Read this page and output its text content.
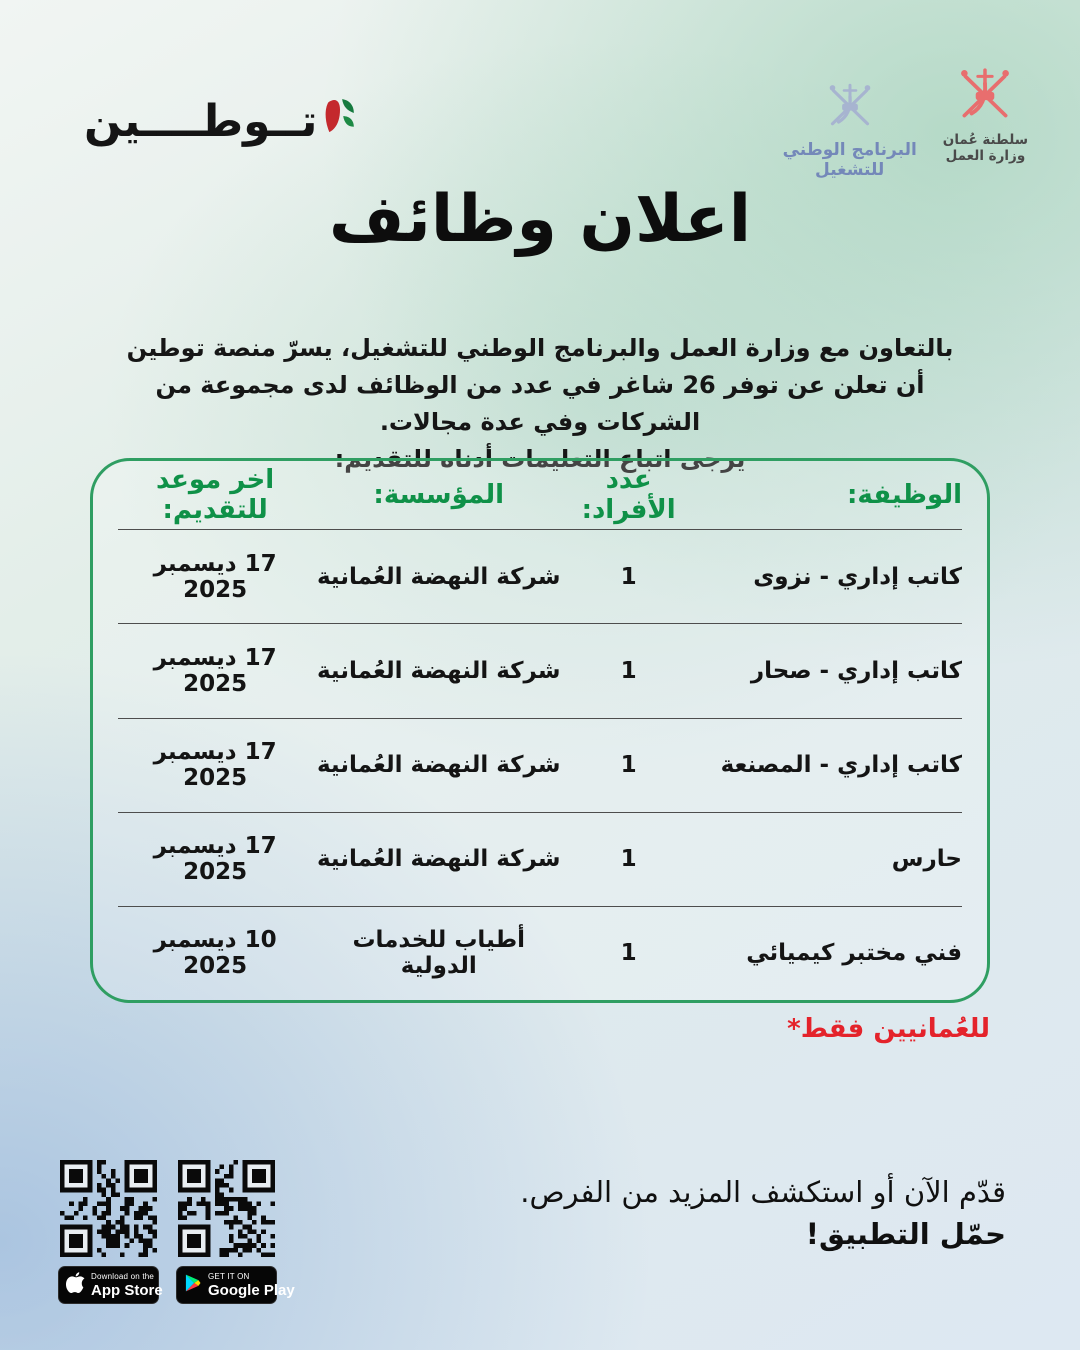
تــوطــــين
البرنامج الوطني
للتشغيل
سلطنة عُمان
وزارة العمل
اعلان وظائف

بالتعاون مع وزارة العمل والبرنامج الوطني للتشغيل، يسرّ منصة توطين أن تعلن عن توفر 26 شاغر في عدد من الوظائف لدى مجموعة من الشركات وفي عدة مجالات.

يرجى اتباع التعليمات أدناه للتقديم:

الوظيفة:
عدد الأفراد:
المؤسسة:
اخر موعد للتقديم:
كاتب إداري - نزوى
1
شركة النهضة العُمانية
17 ديسمبر 2025
كاتب إداري - صحار
1
شركة النهضة العُمانية
17 ديسمبر 2025
كاتب إداري - المصنعة
1
شركة النهضة العُمانية
17 ديسمبر 2025
حارس
1
شركة النهضة العُمانية
17 ديسمبر 2025
فني مختبر كيميائي
1
أطياب للخدمات الدولية
10 ديسمبر 2025
للعُمانيين فقط*
Download on the
App Store
GET IT ON
Google Play
قدّم الآن أو استكشف المزيد من الفرص.
حمّل التطبيق!
